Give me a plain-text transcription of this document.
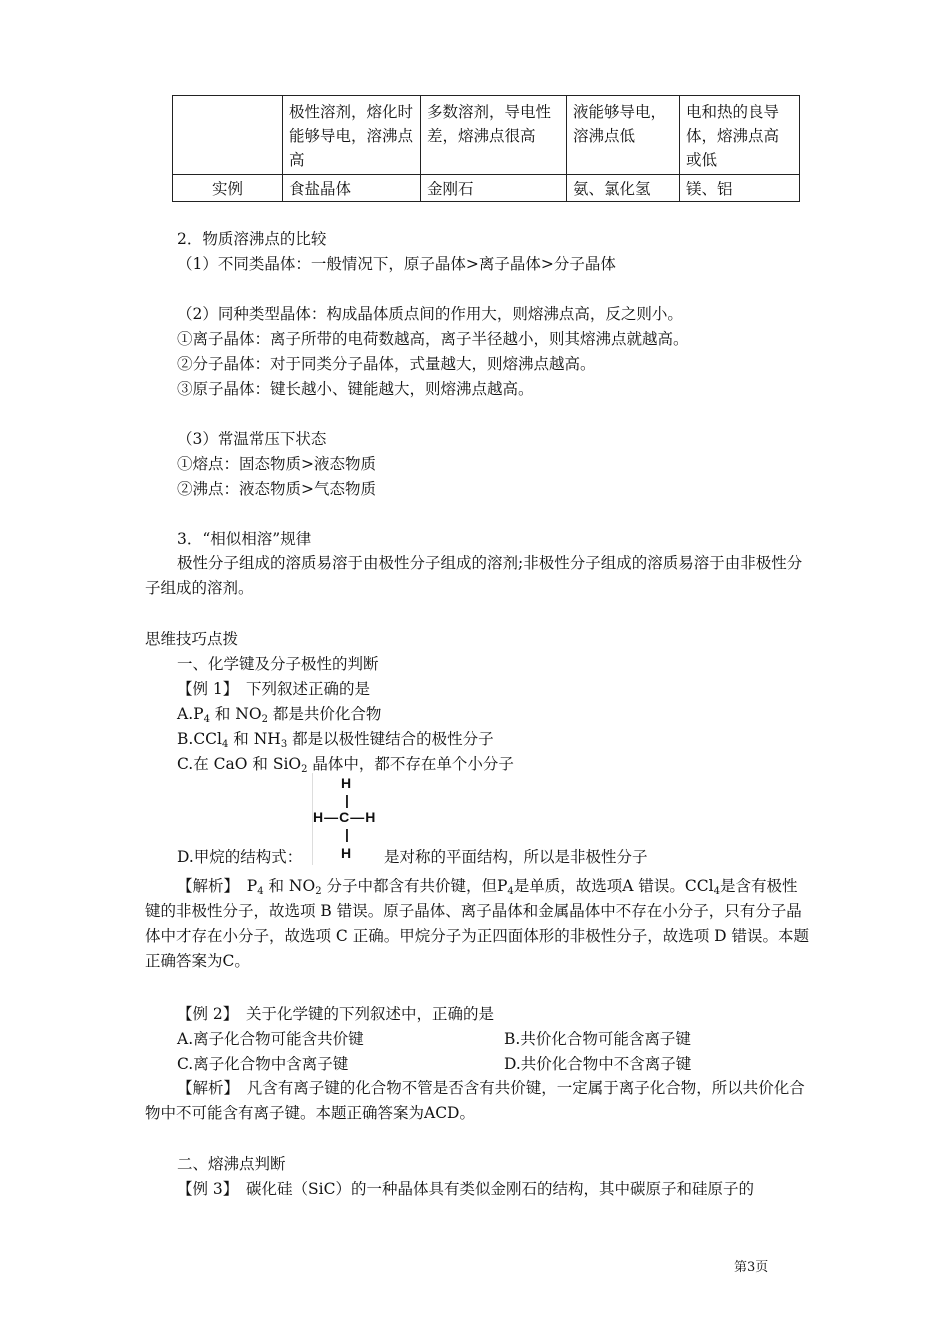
	极性溶剂，熔化时能够导电，溶沸点高	多数溶剂，导电性差，熔沸点很高	液能够导电，溶沸点低	电和热的良导体，熔沸点高或低
实例	食盐晶体	金刚石	氨、氯化氢	镁、铝
2．物质溶沸点的比较
（1）不同类晶体：一般情况下，原子晶体>离子晶体>分子晶体
（2）同种类型晶体：构成晶体质点间的作用大，则熔沸点高，反之则小。
①离子晶体：离子所带的电荷数越高，离子半径越小，则其熔沸点就越高。
②分子晶体：对于同类分子晶体，式量越大，则熔沸点越高。
③原子晶体：键长越小、键能越大，则熔沸点越高。
（3）常温常压下状态
①熔点：固态物质>液态物质
②沸点：液态物质>气态物质
3．“相似相溶”规律
极性分子组成的溶质易溶于由极性分子组成的溶剂;非极性分子组成的溶质易溶于由非极性分子组成的溶剂。
思维技巧点拨
一、化学键及分子极性的判断
【例 1】　下列叙述正确的是
$A.P_4$ 和 $NO_2$ 都是共价化合物
B.CCl$_4$ 和 $NH_3$ 都是以极性键结合的极性分子
C.在 CaO 和 SiO$_2$ 晶体中，都不存在单个小分子
H
|
H—C—H
|
H
D.甲烷的结构式：	是对称的平面结构，所以是非极性分子
【解析】　$P_4$ 和 $NO_2$ 分子中都含有共价键，但$P_4$是单质，故选项A 错误。CCl$_4$是含有极性键的非极性分子，故选项 B 错误。原子晶体、离子晶体和金属晶体中不存在小分子，只有分子晶体中才存在小分子，故选项 C 正确。甲烷分子为正四面体形的非极性分子，故选项 D 错误。本题正确答案为C。
【例 2】　关于化学键的下列叙述中，正确的是
A.离子化合物可能含共价键	B.共价化合物可能含离子键
C.离子化合物中含离子键	D.共价化合物中不含离子键
【解析】　凡含有离子键的化合物不管是否含有共价键，一定属于离子化合物，所以共价化合物中不可能含有离子键。本题正确答案为ACD。
二、熔沸点判断
【例 3】　碳化硅（SiC）的一种晶体具有类似金刚石的结构，其中碳原子和硅原子的
第3页
